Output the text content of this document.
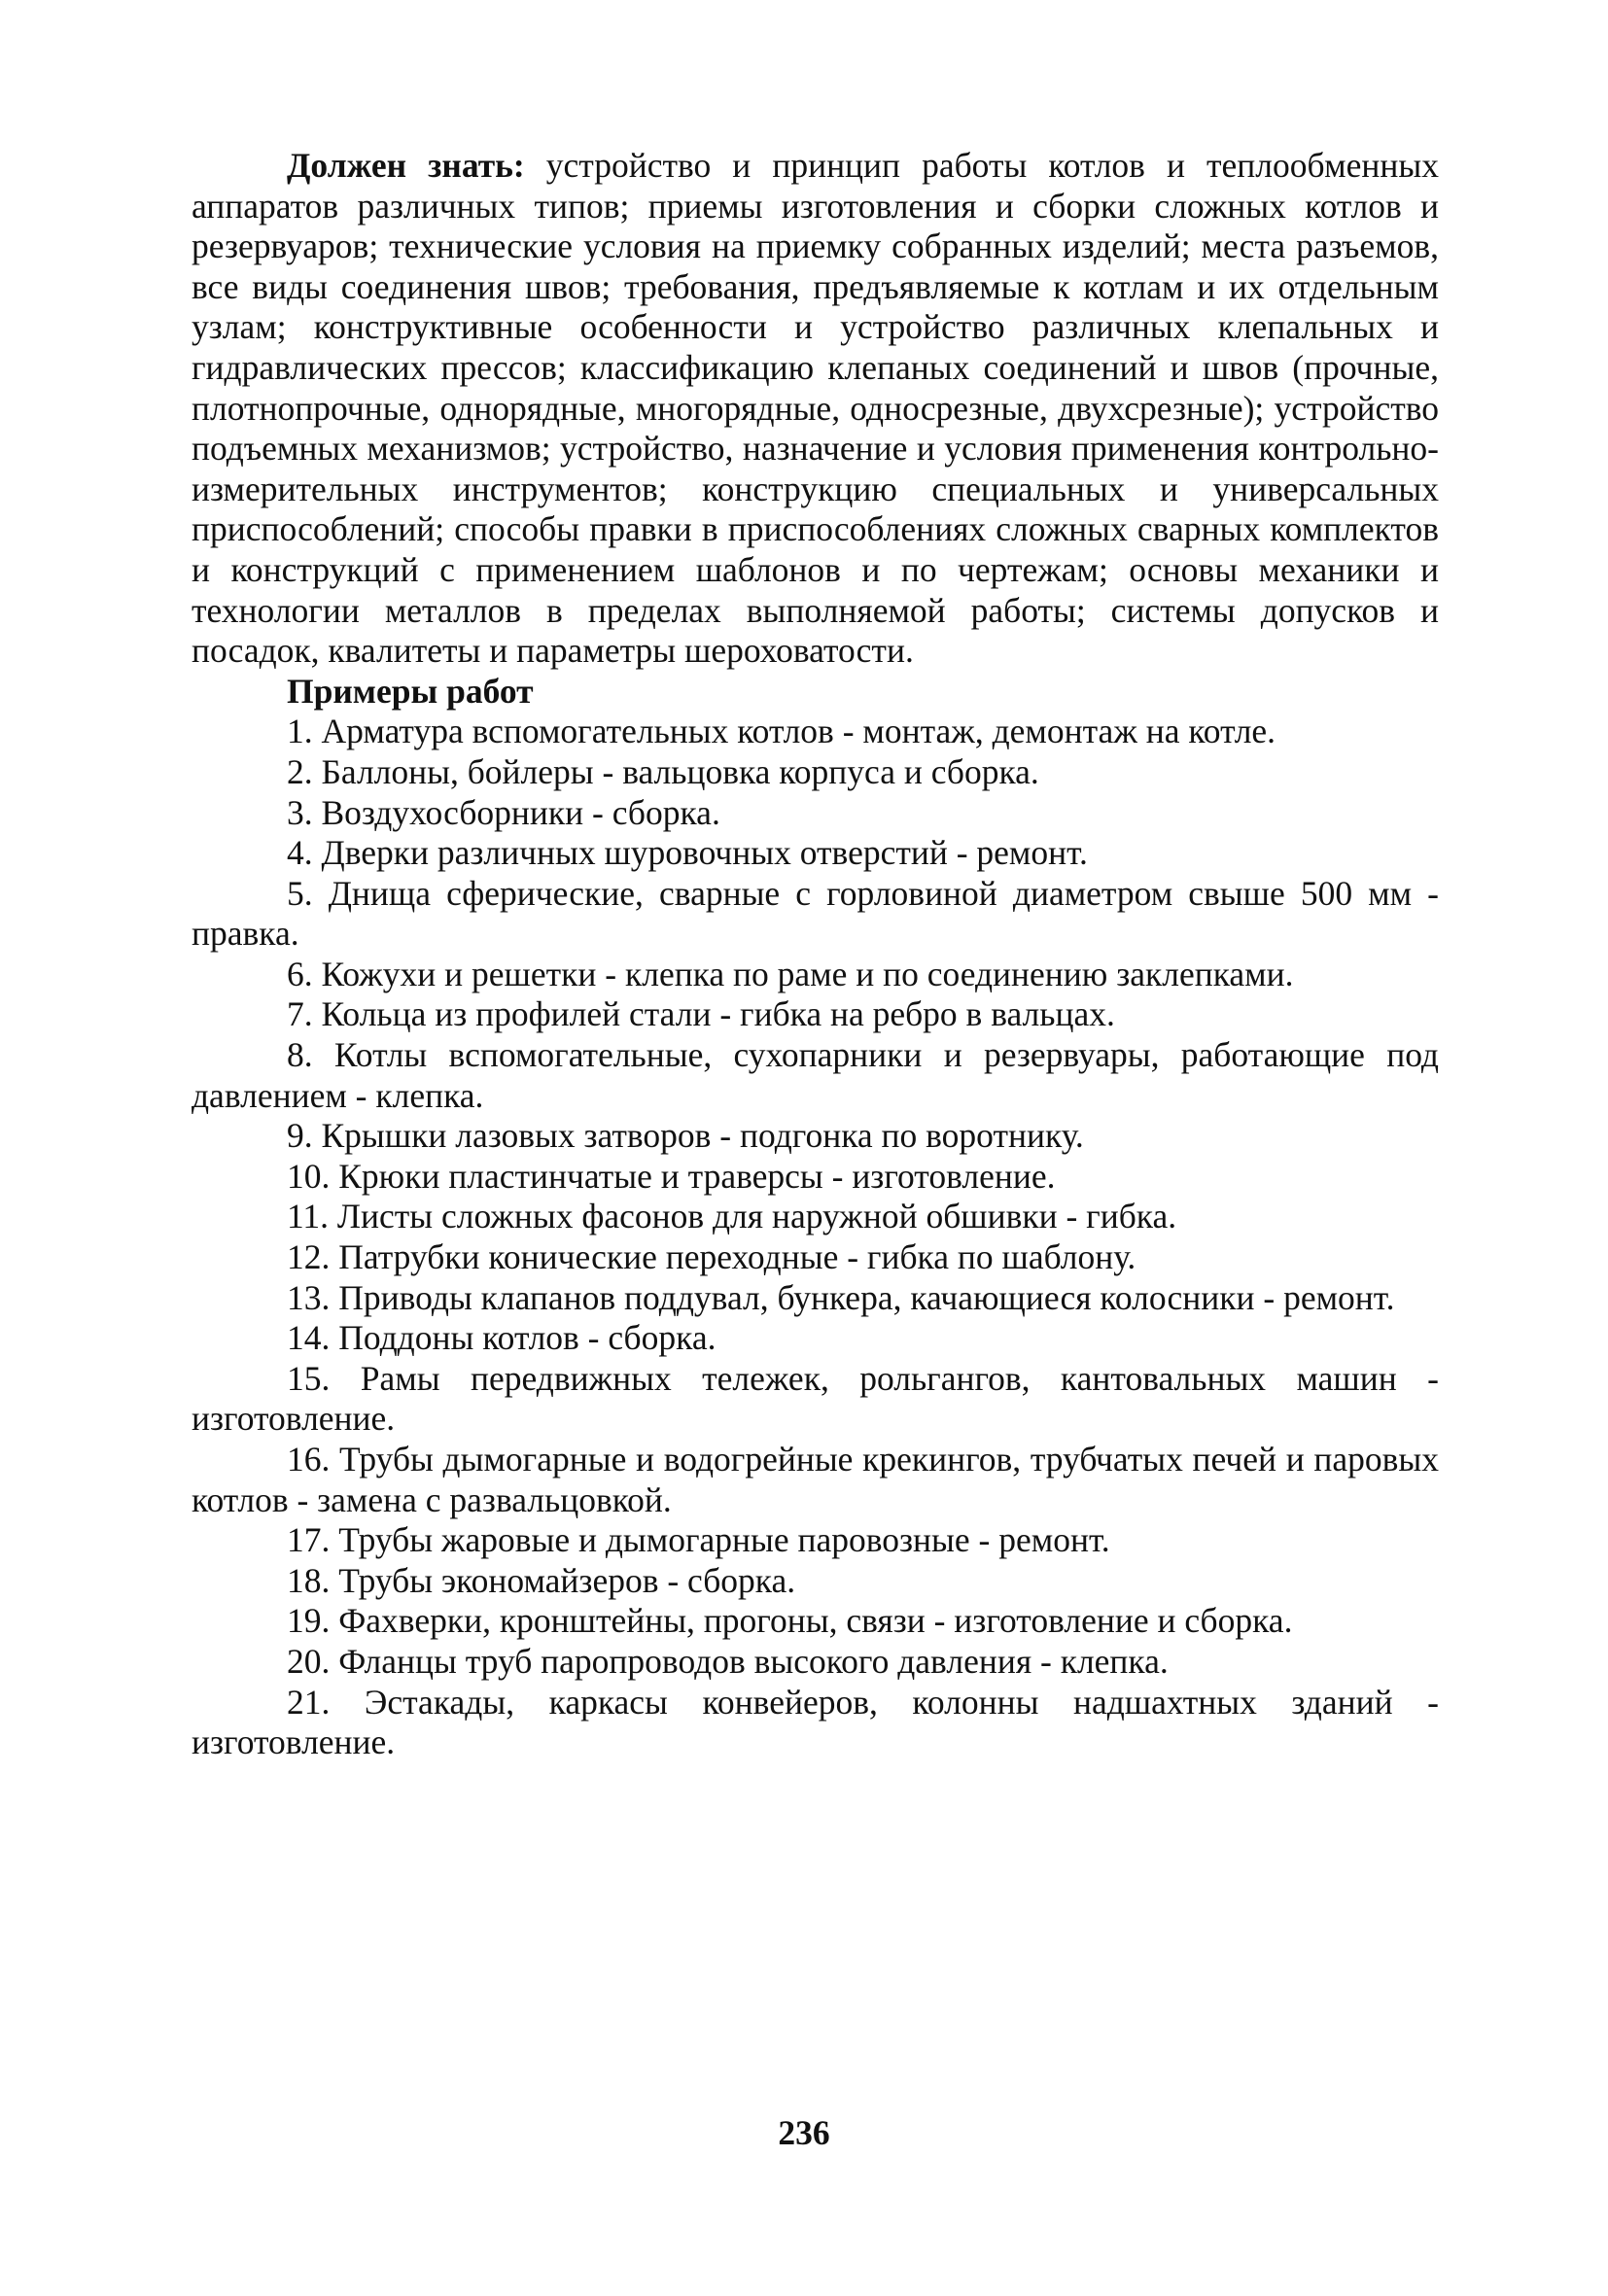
Должен знать: устройство и принцип работы котлов и теплообменных аппаратов различных типов; приемы изготовления и сборки сложных котлов и резервуаров; технические условия на приемку собранных изделий; места разъемов, все виды соединения швов; требования, предъявляемые к котлам и их отдельным узлам; конструктивные особенности и устройство различных клепальных и гидравлических прессов; классификацию клепаных соединений и швов (прочные, плотнопрочные, однорядные, многорядные, односрезные, двухсрезные); устройство подъемных механизмов; устройство, назначение и условия применения контрольно-измерительных инструментов; конструкцию специальных и универсальных приспособлений; способы правки в приспособлениях сложных сварных комплектов и конструкций с применением шаблонов и по чертежам; основы механики и технологии металлов в пределах выполняемой работы; системы допусков и посадок, квалитеты и параметры шероховатости.

Примеры работ

1. Арматура вспомогательных котлов - монтаж, демонтаж на котле.
2. Баллоны, бойлеры - вальцовка корпуса и сборка.
3. Воздухосборники - сборка.
4. Дверки различных шуровочных отверстий - ремонт.
5. Днища сферические, сварные с горловиной диаметром свыше 500 мм - правка.
6. Кожухи и решетки - клепка по раме и по соединению заклепками.
7. Кольца из профилей стали - гибка на ребро в вальцах.
8. Котлы вспомогательные, сухопарники и резервуары, работающие под давлением - клепка.
9. Крышки лазовых затворов - подгонка по воротнику.
10. Крюки пластинчатые и траверсы - изготовление.
11. Листы сложных фасонов для наружной обшивки - гибка.
12. Патрубки конические переходные - гибка по шаблону.
13. Приводы клапанов поддувал, бункера, качающиеся колосники - ремонт.
14. Поддоны котлов - сборка.
15. Рамы передвижных тележек, рольгангов, кантовальных машин - изготовление.
16. Трубы дымогарные и водогрейные крекингов, трубчатых печей и паровых котлов - замена с развальцовкой.
17. Трубы жаровые и дымогарные паровозные - ремонт.
18. Трубы экономайзеров - сборка.
19. Фахверки, кронштейны, прогоны, связи - изготовление и сборка.
20. Фланцы труб паропроводов высокого давления - клепка.
21. Эстакады, каркасы конвейеров, колонны надшахтных зданий - изготовление.
236
